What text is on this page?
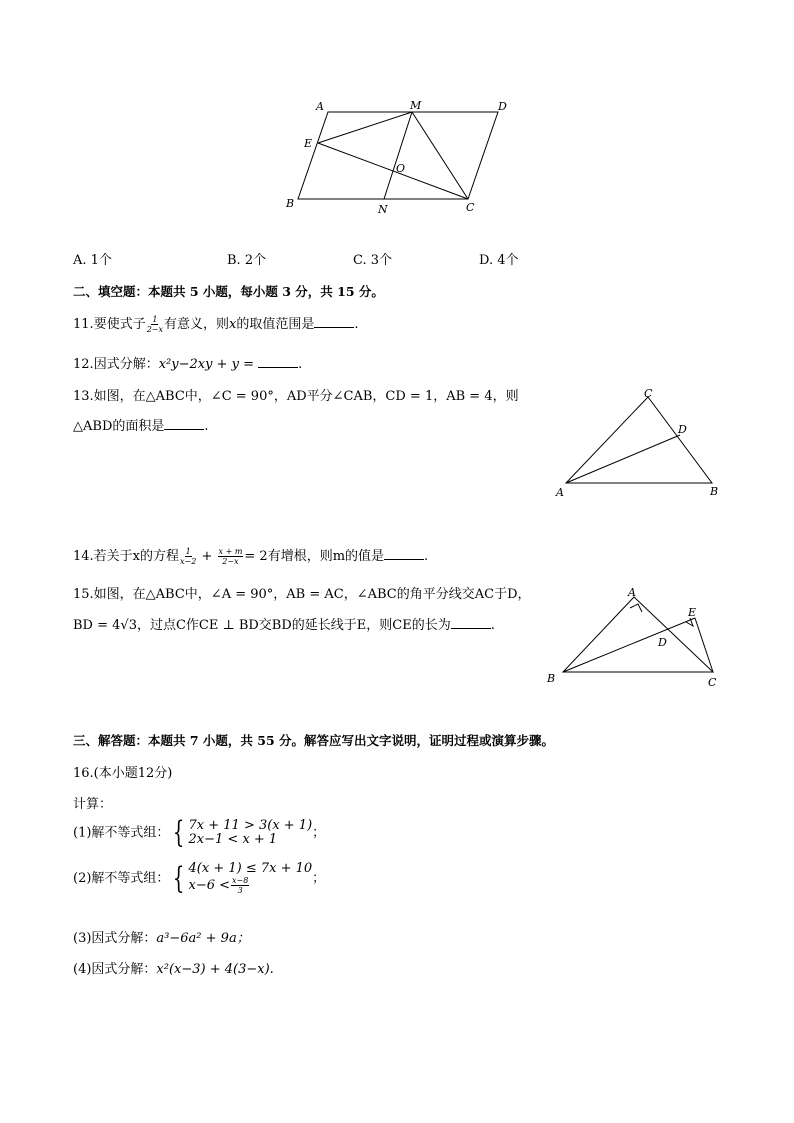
A	M	D
E
O
B	N	C
A. 1个	B. 2个	C. 3个	D. 4个
二、填空题：本题共 5 小题，每小题 3 分，共 15 分。
11.要使式子 $\frac{1}{2-x}$ 有意义，则x的取值范围是	.
12.因式分解：x²y−2xy + y =	.
13.如图，在△ABC中，∠C = 90°，AD平分∠CAB，CD = 1，AB = 4，则
△ABD的面积是	.
C
D
A	B
14.若关于x的方程 $\frac{1}{x-2} + \frac{x + m}{2-x} = 2$有增根，则m的值是	.
15.如图，在△ABC中，∠A = 90°，AB = AC，∠ABC的角平分线交AC于D，
BD = 4√3，过点C作CE ⊥ BD交BD的延长线于E，则CE的长为	.
A
E
D
B	C
三、解答题：本题共 7 小题，共 55 分。解答应写出文字说明，证明过程或演算步骤。
16.(本小题12分)
计算：
(1)解不等式组： { 7x + 11 > 3(x + 1)
2x−1 < x + 1	；
(2)解不等式组： { 4(x + 1) ≤ 7x + 10
$x-6 < \frac{x-8}{3}$	；
(3)因式分解：a³−6a² + 9a；
(4)因式分解：x²(x−3) + 4(3−x).
